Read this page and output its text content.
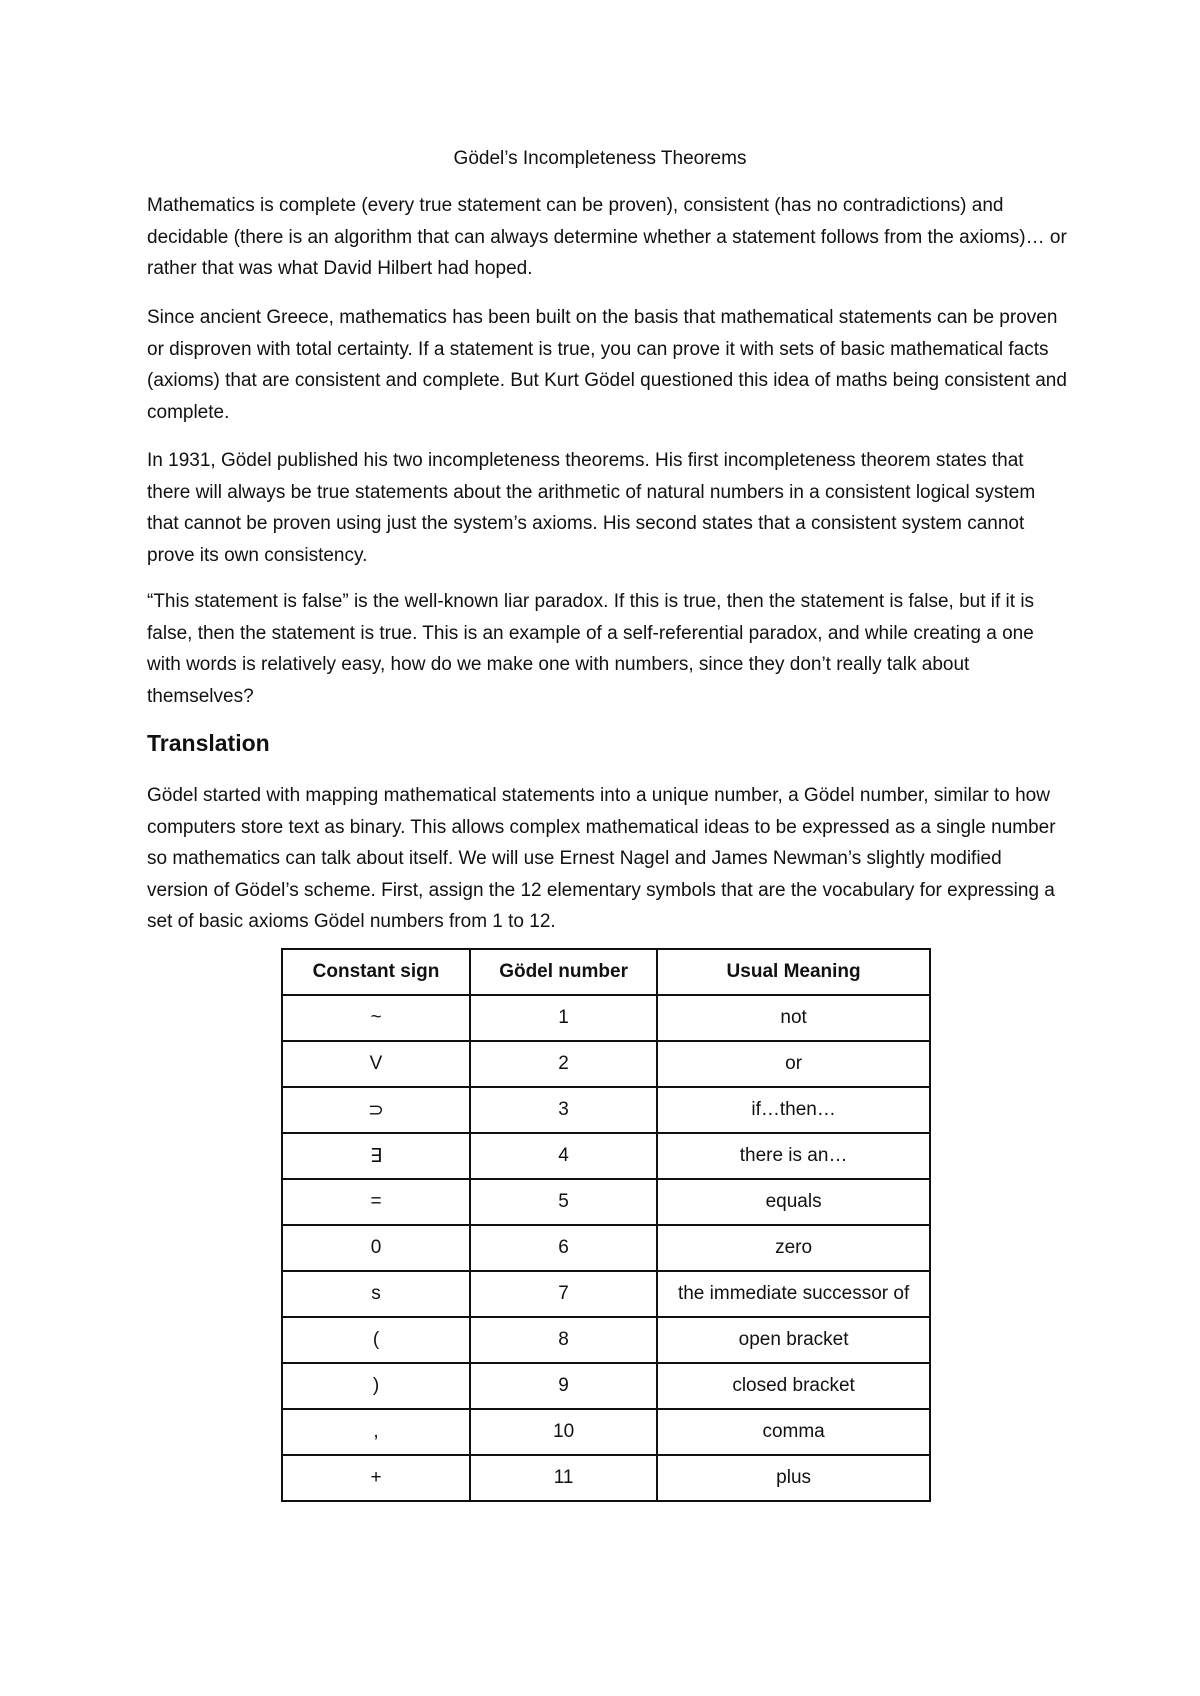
Gödel’s Incompleteness Theorems

Mathematics is complete (every true statement can be proven), consistent (has no contradictions) and decidable (there is an algorithm that can always determine whether a statement follows from the axioms)… or rather that was what David Hilbert had hoped.

Since ancient Greece, mathematics has been built on the basis that mathematical statements can be proven or disproven with total certainty. If a statement is true, you can prove it with sets of basic mathematical facts (axioms) that are consistent and complete. But Kurt Gödel questioned this idea of maths being consistent and complete.

In 1931, Gödel published his two incompleteness theorems. His first incompleteness theorem states that there will always be true statements about the arithmetic of natural numbers in a consistent logical system that cannot be proven using just the system’s axioms. His second states that a consistent system cannot prove its own consistency.

“This statement is false” is the well-known liar paradox. If this is true, then the statement is false, but if it is false, then the statement is true. This is an example of a self-referential paradox, and while creating a one with words is relatively easy, how do we make one with numbers, since they don’t really talk about themselves?

Translation

Gödel started with mapping mathematical statements into a unique number, a Gödel number, similar to how computers store text as binary. This allows complex mathematical ideas to be expressed as a single number so mathematics can talk about itself. We will use Ernest Nagel and James Newman’s slightly modified version of Gödel’s scheme. First, assign the 12 elementary symbols that are the vocabulary for expressing a set of basic axioms Gödel numbers from 1 to 12.

Constant sign	Gödel number	Usual Meaning
~	1	not
V	2	or
⊃	3	if…then…
∃	4	there is an…
=	5	equals
0	6	zero
s	7	the immediate successor of
(	8	open bracket
)	9	closed bracket
,	10	comma
+	11	plus
